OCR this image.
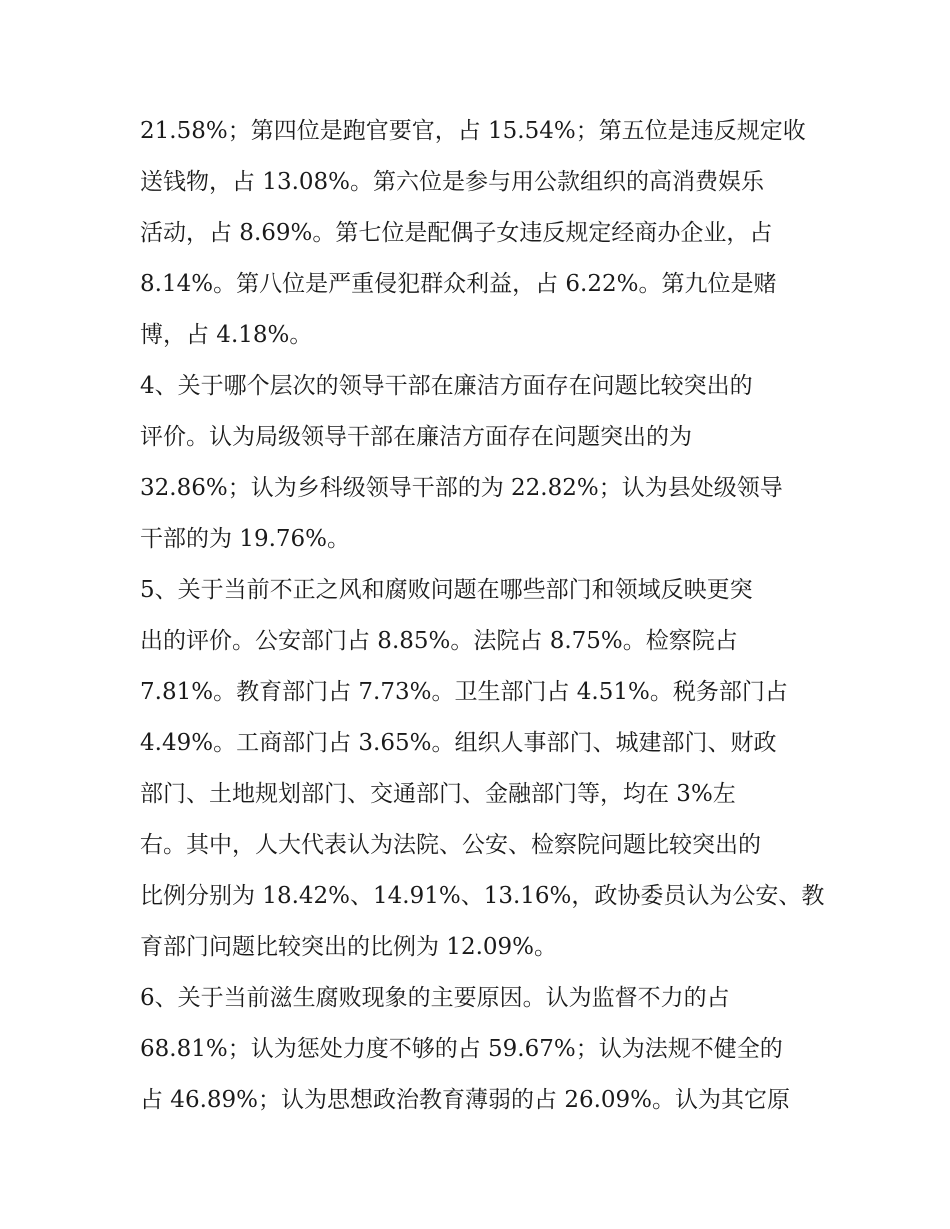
21.58%；第四位是跑官要官，占 15.54%；第五位是违反规定收
送钱物，占 13.08%。第六位是参与用公款组织的高消费娱乐
活动，占 8.69%。第七位是配偶子女违反规定经商办企业，占
8.14%。第八位是严重侵犯群众利益，占 6.22%。第九位是赌
博，占 4.18%。
4、关于哪个层次的领导干部在廉洁方面存在问题比较突出的
评价。认为局级领导干部在廉洁方面存在问题突出的为
32.86%；认为乡科级领导干部的为 22.82%；认为县处级领导
干部的为 19.76%。
5、关于当前不正之风和腐败问题在哪些部门和领域反映更突
出的评价。公安部门占 8.85%。法院占 8.75%。检察院占
7.81%。教育部门占 7.73%。卫生部门占 4.51%。税务部门占
4.49%。工商部门占 3.65%。组织人事部门、城建部门、财政
部门、土地规划部门、交通部门、金融部门等，均在 3%左
右。其中，人大代表认为法院、公安、检察院问题比较突出的
比例分别为 18.42%、14.91%、13.16%，政协委员认为公安、教
育部门问题比较突出的比例为 12.09%。
6、关于当前滋生腐败现象的主要原因。认为监督不力的占
68.81%；认为惩处力度不够的占 59.67%；认为法规不健全的
占 46.89%；认为思想政治教育薄弱的占 26.09%。认为其它原
